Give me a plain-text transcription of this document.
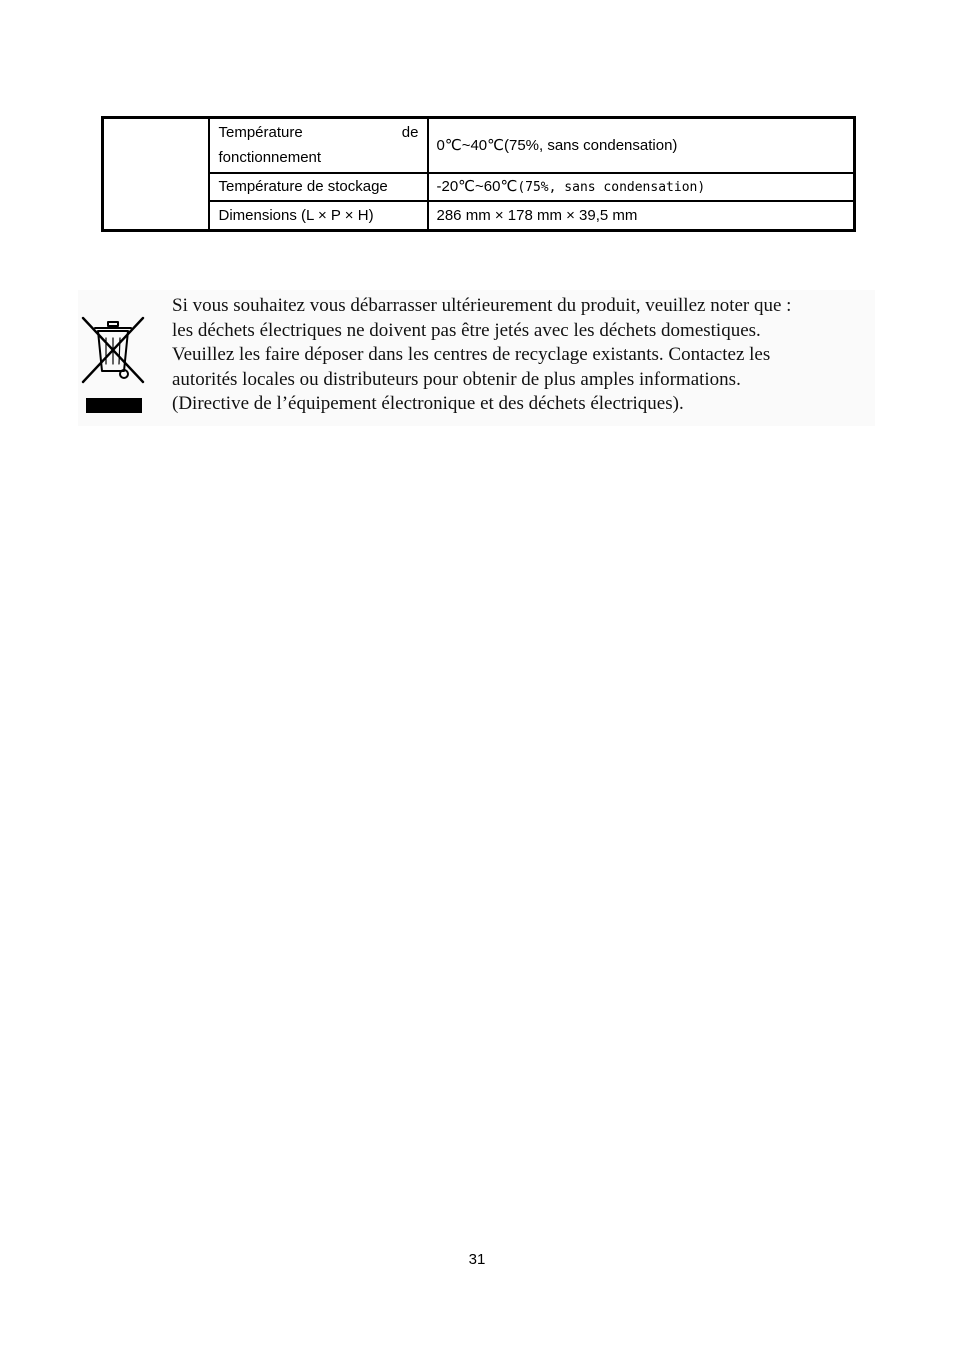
	Température de fonctionnement	0℃~40℃(75%, sans condensation)
	Température de stockage	-20℃~60℃(75%, sans condensation)
	Dimensions (L × P × H)	286 mm × 178 mm × 39,5 mm
Si vous souhaitez vous débarrasser ultérieurement du produit, veuillez noter que :
les déchets électriques ne doivent pas être jetés avec les déchets domestiques.
Veuillez les faire déposer dans les centres de recyclage existants. Contactez les
autorités locales ou distributeurs pour obtenir de plus amples informations.
(Directive de l’équipement électronique et des déchets électriques).
31
